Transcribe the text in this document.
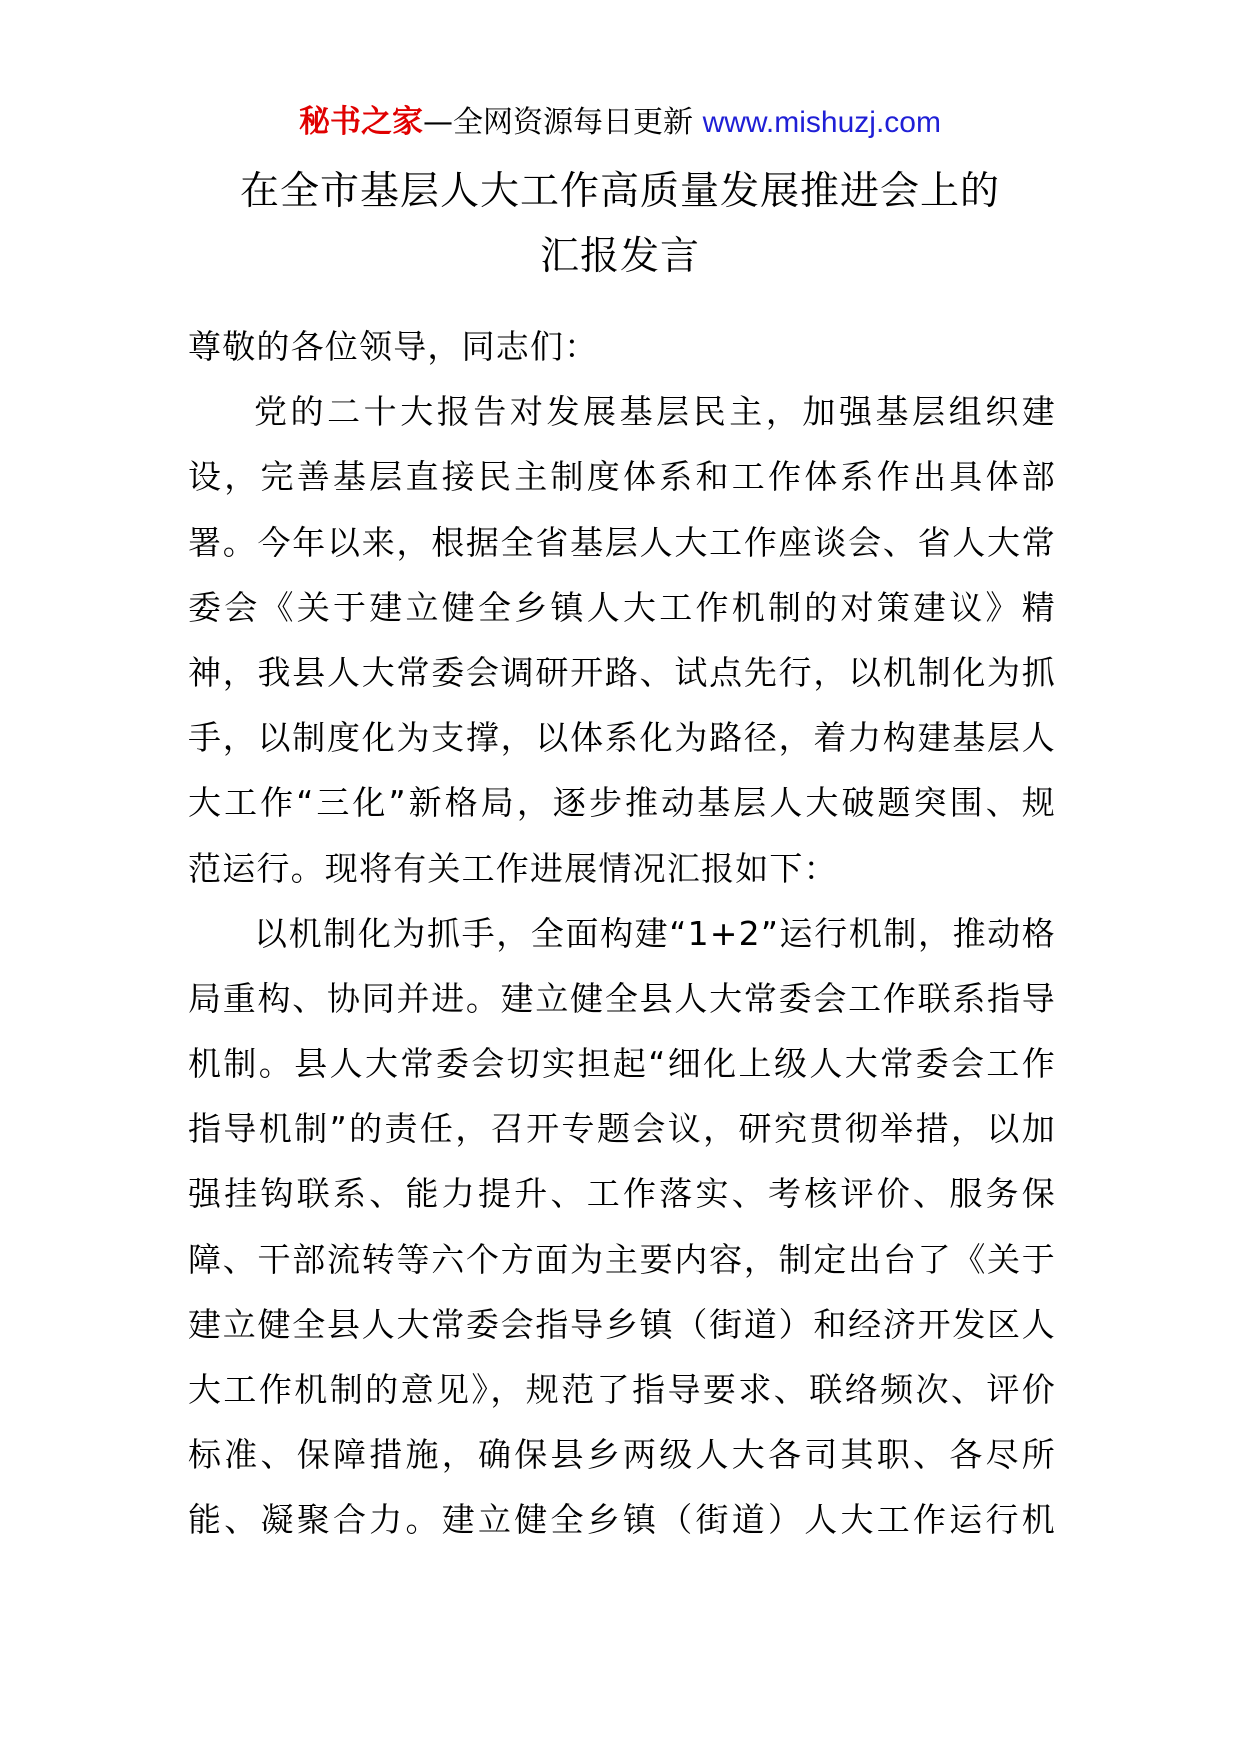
秘书之家—全网资源每日更新 www.mishuzj.com
在全市基层人大工作高质量发展推进会上的
汇报发言
尊敬的各位领导，同志们：
党的二十大报告对发展基层民主，加强基层组织建
设，完善基层直接民主制度体系和工作体系作出具体部
署。今年以来，根据全省基层人大工作座谈会、省人大常
委会《关于建立健全乡镇人大工作机制的对策建议》精
神，我县人大常委会调研开路、试点先行，以机制化为抓
手，以制度化为支撑，以体系化为路径，着力构建基层人
大工作“三化”新格局，逐步推动基层人大破题突围、规
范运行。现将有关工作进展情况汇报如下：
以机制化为抓手，全面构建“1+2”运行机制，推动格
局重构、协同并进。建立健全县人大常委会工作联系指导
机制。县人大常委会切实担起“细化上级人大常委会工作
指导机制”的责任，召开专题会议，研究贯彻举措，以加
强挂钩联系、能力提升、工作落实、考核评价、服务保
障、干部流转等六个方面为主要内容，制定出台了《关于
建立健全县人大常委会指导乡镇（街道）和经济开发区人
大工作机制的意见》，规范了指导要求、联络频次、评价
标准、保障措施，确保县乡两级人大各司其职、各尽所
能、凝聚合力。建立健全乡镇（街道）人大工作运行机
